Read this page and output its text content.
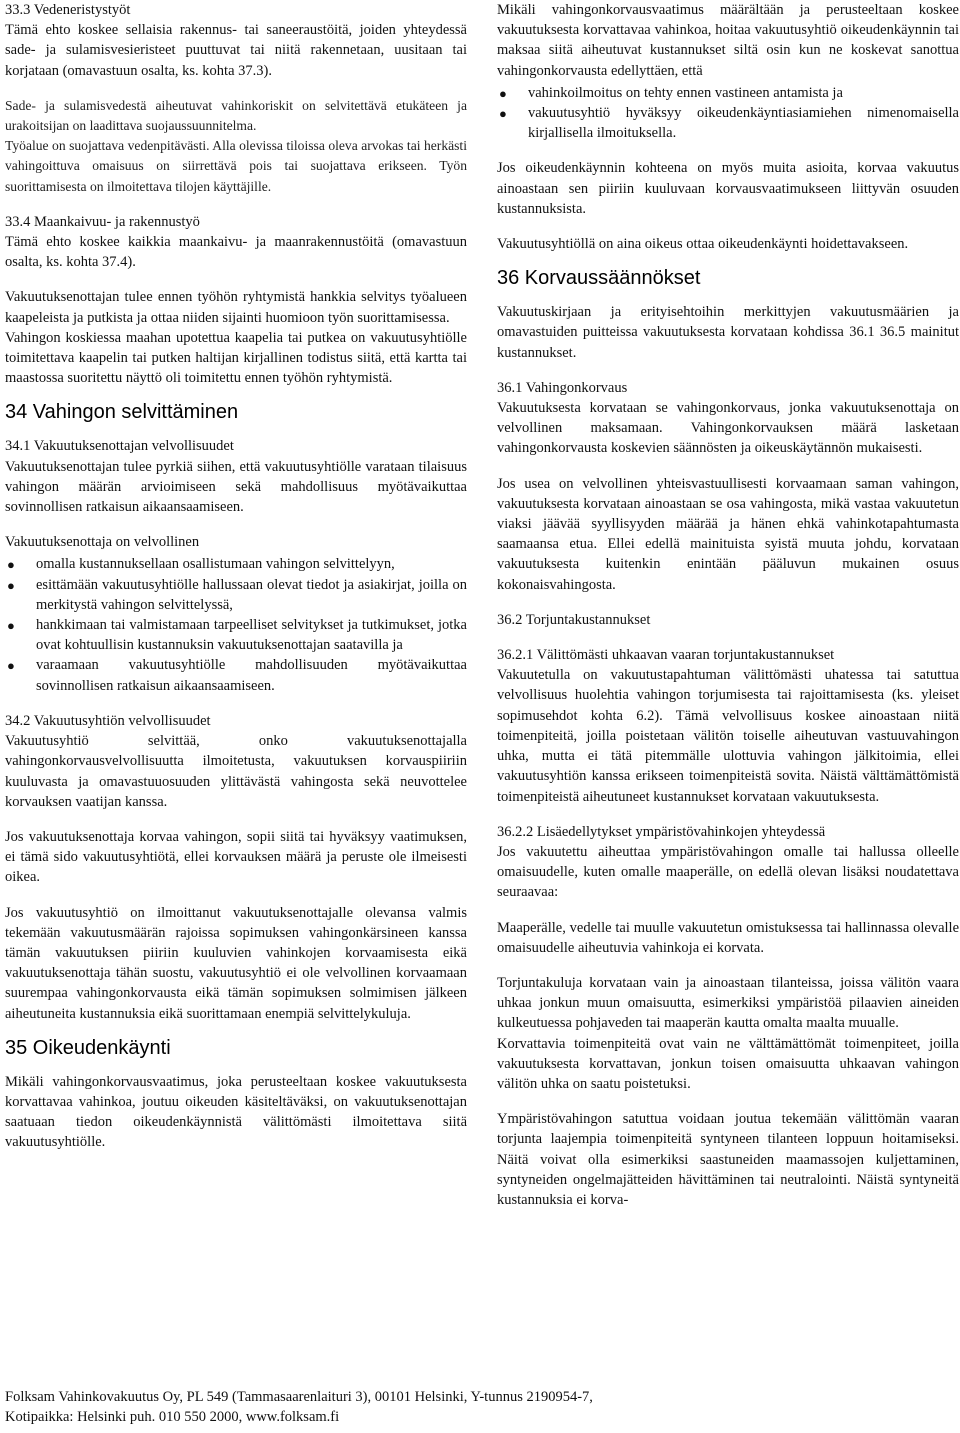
33.3 Vedeneristystyöt

Tämä ehto koskee sellaisia rakennus- tai saneeraustöitä, joiden yhteydessä sade- ja sulamisvesieristeet puuttuvat tai niitä rakennetaan, uusitaan tai korjataan (omavastuun osalta, ks. kohta 37.3).

Sade- ja sulamisvedestä aiheutuvat vahinkoriskit on selvitettävä etukäteen ja urakoitsijan on laadittava suojaussuunnitelma.

Työalue on suojattava vedenpitävästi. Alla olevissa tiloissa oleva arvokas tai herkästi vahingoittuva omaisuus on siirrettävä pois tai suojattava erikseen. Työn suorittamisesta on ilmoitettava tilojen käyttäjille.

33.4 Maankaivuu- ja rakennustyö

Tämä ehto koskee kaikkia maankaivu- ja maanrakennustöitä (omavastuun osalta, ks. kohta 37.4).

Vakuutuksenottajan tulee ennen työhön ryhtymistä hankkia selvitys työalueen kaapeleista ja putkista ja ottaa niiden sijainti huomioon työn suorittamisessa.

Vahingon koskiessa maahan upotettua kaapelia tai putkea on vakuutusyhtiölle toimitettava kaapelin tai putken haltijan kirjallinen todistus siitä, että kartta tai maastossa suoritettu näyttö oli toimitettu ennen työhön ryhtymistä.

34 Vahingon selvittäminen

34.1 Vakuutuksenottajan velvollisuudet

Vakuutuksenottajan tulee pyrkiä siihen, että vakuutusyhtiölle varataan tilaisuus vahingon määrän arvioimiseen sekä mahdollisuus myötävaikuttaa sovinnollisen ratkaisun aikaansaamiseen.

Vakuutuksenottaja on velvollinen

● omalla kustannuksellaan osallistumaan vahingon selvittelyyn,
● esittämään vakuutusyhtiölle hallussaan olevat tiedot ja asiakirjat, joilla on merkitystä vahingon selvittelyssä,
● hankkimaan tai valmistamaan tarpeelliset selvitykset ja tutkimukset, jotka ovat kohtuullisin kustannuksin vakuutuksenottajan saatavilla ja
● varaamaan vakuutusyhtiölle mahdollisuuden myötävaikuttaa sovinnollisen ratkaisun aikaansaamiseen.

34.2 Vakuutusyhtiön velvollisuudet

Vakuutusyhtiö selvittää, onko vakuutuksenottajalla vahingonkorvausvelvollisuutta ilmoitetusta, vakuutuksen korvauspiiriin kuuluvasta ja omavastuuosuuden ylittävästä vahingosta sekä neuvottelee korvauksen vaatijan kanssa.

Jos vakuutuksenottaja korvaa vahingon, sopii siitä tai hyväksyy vaatimuksen, ei tämä sido vakuutusyhtiötä, ellei korvauksen määrä ja peruste ole ilmeisesti oikea.

Jos vakuutusyhtiö on ilmoittanut vakuutuksenottajalle olevansa valmis tekemään vakuutusmäärän rajoissa sopimuksen vahingonkärsineen kanssa tämän vakuutuksen piiriin kuuluvien vahinkojen korvaamisesta eikä vakuutuksenottaja tähän suostu, vakuutusyhtiö ei ole velvollinen korvaamaan suurempaa vahingonkorvausta eikä tämän sopimuksen solmimisen jälkeen aiheutuneita kustannuksia eikä suorittamaan enempiä selvittelykuluja.

35 Oikeudenkäynti

Mikäli vahingonkorvausvaatimus, joka perusteeltaan koskee vakuutuksesta korvattavaa vahinkoa, joutuu oikeuden käsiteltäväksi, on vakuutuksenottajan saatuaan tiedon oikeudenkäynnistä välittömästi ilmoitettava siitä vakuutusyhtiölle.

Mikäli vahingonkorvausvaatimus määrältään ja perusteeltaan koskee vakuutuksesta korvattavaa vahinkoa, hoitaa vakuutusyhtiö oikeudenkäynnin tai maksaa siitä aiheutuvat kustannukset siltä osin kun ne koskevat sanottua vahingonkorvausta edellyttäen, että

● vahinkoilmoitus on tehty ennen vastineen antamista ja
● vakuutusyhtiö hyväksyy oikeudenkäyntiasiamiehen nimenomaisella kirjallisella ilmoituksella.

Jos oikeudenkäynnin kohteena on myös muita asioita, korvaa vakuutus ainoastaan sen piiriin kuuluvaan korvausvaatimukseen liittyvän osuuden kustannuksista.

Vakuutusyhtiöllä on aina oikeus ottaa oikeudenkäynti hoidettavakseen.

36 Korvaussäännökset

Vakuutuskirjaan ja erityisehtoihin merkittyjen vakuutusmäärien ja omavastuiden puitteissa vakuutuksesta korvataan kohdissa 36.1 36.5 mainitut kustannukset.

36.1 Vahingonkorvaus

Vakuutuksesta korvataan se vahingonkorvaus, jonka vakuutuksenottaja on velvollinen maksamaan. Vahingonkorvauksen määrä lasketaan vahingonkorvausta koskevien säännösten ja oikeuskäytännön mukaisesti.

Jos usea on velvollinen yhteisvastuullisesti korvaamaan saman vahingon, vakuutuksesta korvataan ainoastaan se osa vahingosta, mikä vastaa vakuutetun viaksi jäävää syyllisyyden määrää ja hänen ehkä vahinkotapahtumasta saamaansa etua. Ellei edellä mainituista syistä muuta johdu, korvataan vakuutuksesta kuitenkin enintään pääluvun mukainen osuus kokonaisvahingosta.

36.2 Torjuntakustannukset

36.2.1 Välittömästi uhkaavan vaaran torjuntakustannukset

Vakuutetulla on vakuutustapahtuman välittömästi uhatessa tai satuttua velvollisuus huolehtia vahingon torjumisesta tai rajoittamisesta (ks. yleiset sopimusehdot kohta 6.2). Tämä velvollisuus koskee ainoastaan niitä toimenpiteitä, joilla poistetaan välitön toiselle aiheutuvan vastuuvahingon uhka, mutta ei tätä pitemmälle ulottuvia vahingon jälkitoimia, ellei vakuutusyhtiön kanssa erikseen toimenpiteistä sovita. Näistä välttämättömistä toimenpiteistä aiheutuneet kustannukset korvataan vakuutuksesta.

36.2.2 Lisäedellytykset ympäristövahinkojen yhteydessä

Jos vakuutettu aiheuttaa ympäristövahingon omalle tai hallussa olleelle omaisuudelle, kuten omalle maaperälle, on edellä olevan lisäksi noudatettava seuraavaa:

Maaperälle, vedelle tai muulle vakuutetun omistuksessa tai hallinnassa olevalle omaisuudelle aiheutuvia vahinkoja ei korvata.

Torjuntakuluja korvataan vain ja ainoastaan tilanteissa, joissa välitön vaara uhkaa jonkun muun omaisuutta, esimerkiksi ympäristöä pilaavien aineiden kulkeutuessa pohjaveden tai maaperän kautta omalta maalta muualle.

Korvattavia toimenpiteitä ovat vain ne välttämättömät toimenpiteet, joilla vakuutuksesta korvattavan, jonkun toisen omaisuutta uhkaavan vahingon välitön uhka on saatu poistetuksi.

Ympäristövahingon satuttua voidaan joutua tekemään välittömän vaaran torjunta laajempia toimenpiteitä syntyneen tilanteen loppuun hoitamiseksi. Näitä voivat olla esimerkiksi saastuneiden maamassojen kuljettaminen, syntyneiden ongelmajätteiden hävittäminen tai neutralointi. Näistä syntyneitä kustannuksia ei korva-

Folksam Vahinkovakuutus Oy, PL 549 (Tammasaarenlaituri 3), 00101 Helsinki, Y-tunnus 2190954-7,
Kotipaikka: Helsinki puh. 010 550 2000, www.folksam.fi
